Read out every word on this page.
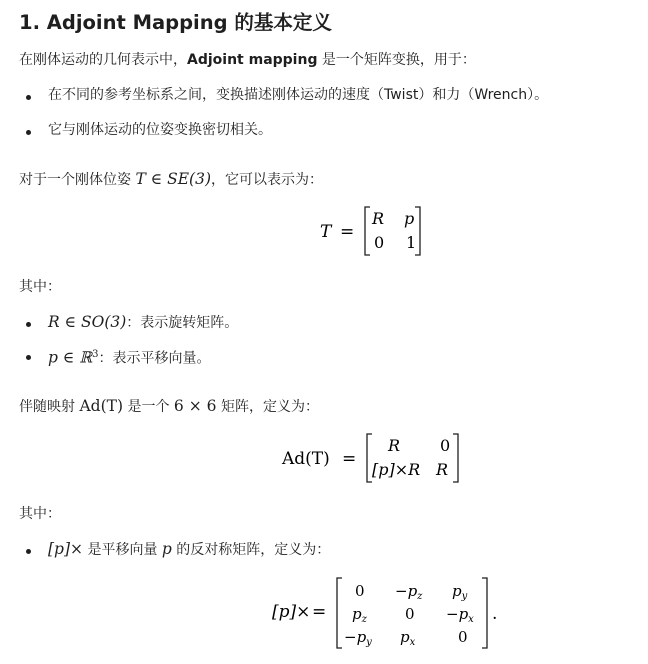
1. Adjoint Mapping 的基本定义
在刚体运动的几何表示中，Adjoint mapping 是一个矩阵变换，用于：
在不同的参考坐标系之间，变换描述刚体运动的速度（Twist）和力（Wrench）。
它与刚体运动的位姿变换密切相关。
对于一个刚体位姿 T ∈ SE(3)，它可以表示为：
T =
R p
0 1
其中：
R ∈ SO(3)：表示旋转矩阵。
p ∈ ℝ$^3$：表示平移向量。
伴随映射 Ad(T) 是一个 6 × 6 矩阵，定义为：
Ad(T) =
R 0
[p]×R R
其中：
[p]× 是平移向量 p 的反对称矩阵，定义为：
[p]× =
$0 -p_z$ $p_y$
$p_z$	$0 -p_x$
$-p_y$ $p_x$	0
.
